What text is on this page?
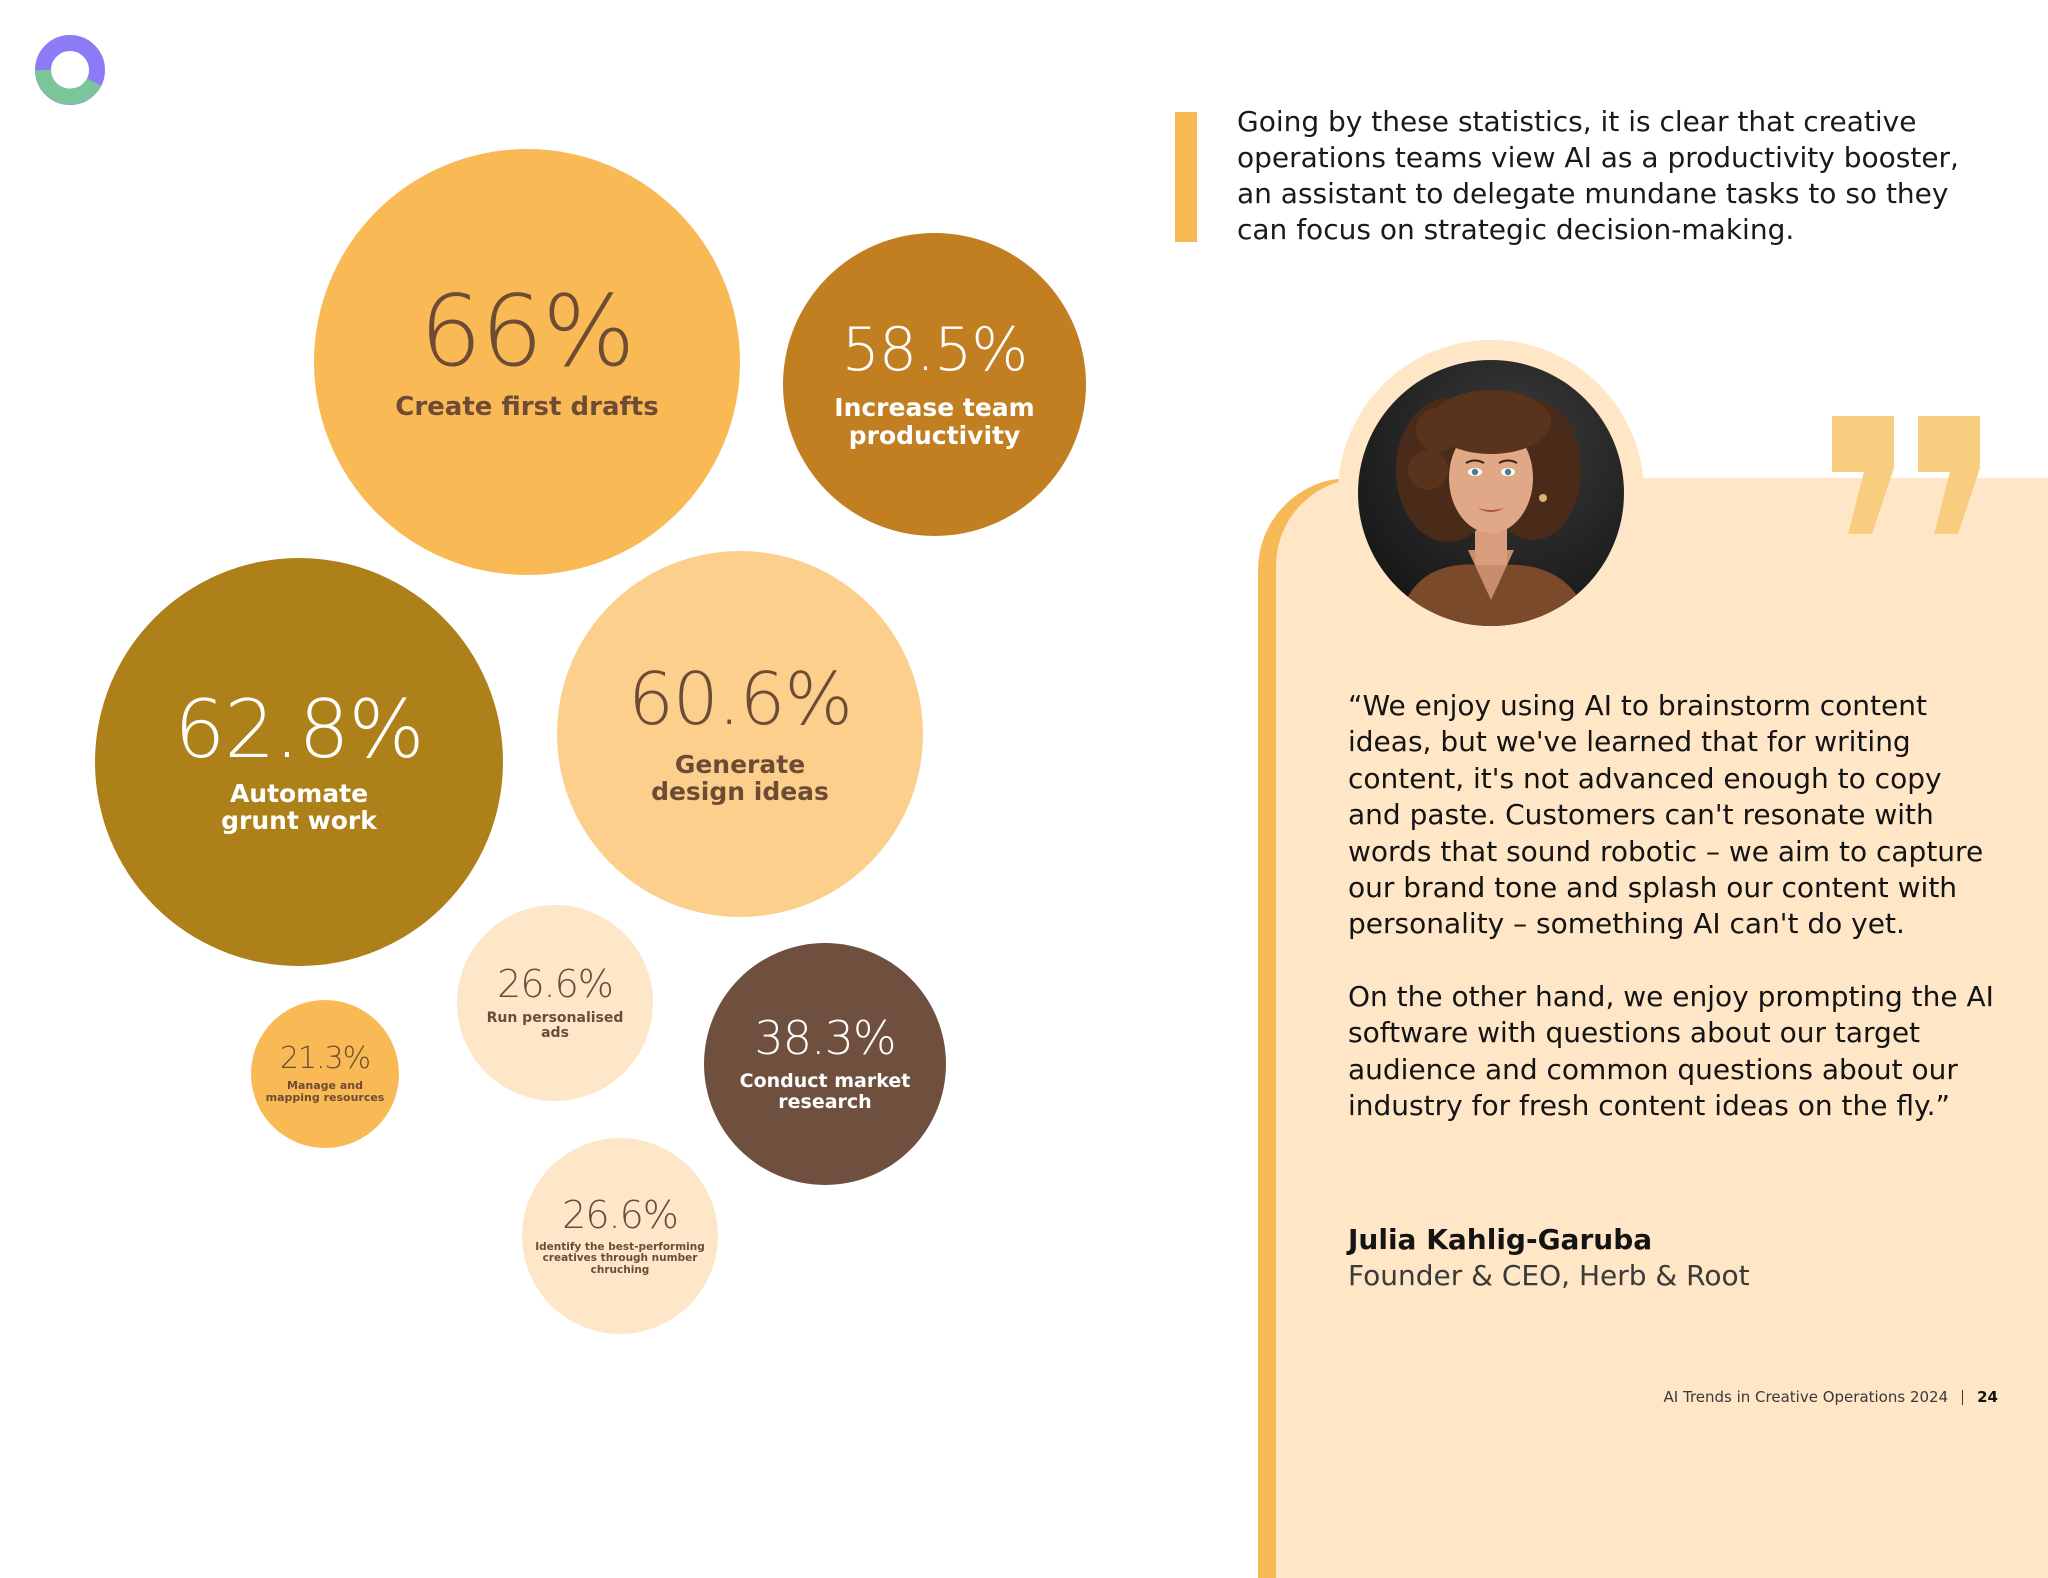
66%
Create first drafts
58.5%
Increase team productivity
62.8%
Automate grunt work
60.6%
Generate design ideas
26.6%
Run personalised ads
21.3%
Manage and mapping resources
38.3%
Conduct market research
26.6%
Identify the best-performing creatives through number chruching
Going by these statistics, it is clear that creative operations teams view AI as a productivity booster, an assistant to delegate mundane tasks to so they can focus on strategic decision-making.

“We enjoy using AI to brainstorm content ideas, but we've learned that for writing content, it's not advanced enough to copy and paste. Customers can't resonate with words that sound robotic – we aim to capture our brand tone and splash our content with personality – something AI can't do yet.

On the other hand, we enjoy prompting the AI software with questions about our target audience and common questions about our industry for fresh content ideas on the fly.”

Julia Kahlig-Garuba
Founder & CEO, Herb & Root
AI Trends in Creative Operations 2024 24
